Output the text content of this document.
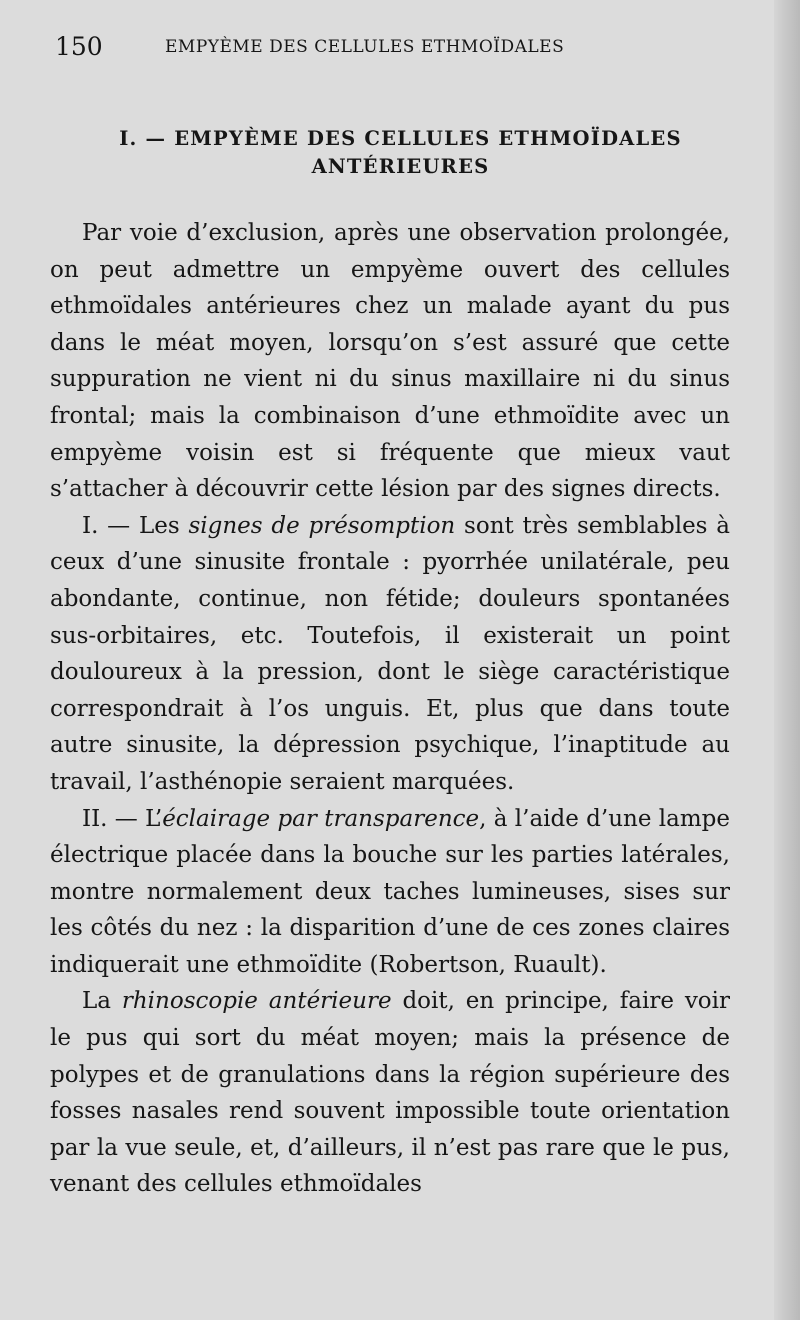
150	EMPYÈME DES CELLULES ETHMOÏDALES
I. — EMPYÈME DES CELLULES ETHMOÏDALES
ANTÉRIEURES

Par voie d’exclusion, après une observation prolongée, on peut admettre un empyème ouvert des cellules ethmoïdales antérieures chez un malade ayant du pus dans le méat moyen, lorsqu’on s’est assuré que cette suppuration ne vient ni du sinus maxillaire ni du sinus frontal; mais la combinaison d’une ethmoïdite avec un empyème voisin est si fréquente que mieux vaut s’attacher à découvrir cette lésion par des signes directs.

I. — Les signes de présomption sont très semblables à ceux d’une sinusite frontale : pyorrhée unilatérale, peu abondante, continue, non fétide; douleurs spontanées sus-orbitaires, etc. Toutefois, il existerait un point douloureux à la pression, dont le siège caractéristique correspondrait à l’os unguis. Et, plus que dans toute autre sinusite, la dépression psychique, l’inaptitude au travail, l’asthénopie seraient marquées.

II. — L’éclairage par transparence, à l’aide d’une lampe électrique placée dans la bouche sur les parties latérales, montre normalement deux taches lumineuses, sises sur les côtés du nez : la disparition d’une de ces zones claires indiquerait une ethmoïdite (Robertson, Ruault).

La rhinoscopie antérieure doit, en principe, faire voir le pus qui sort du méat moyen; mais la présence de polypes et de granulations dans la région supérieure des fosses nasales rend souvent impossible toute orientation par la vue seule, et, d’ailleurs, il n’est pas rare que le pus, venant des cellules ethmoïdales
